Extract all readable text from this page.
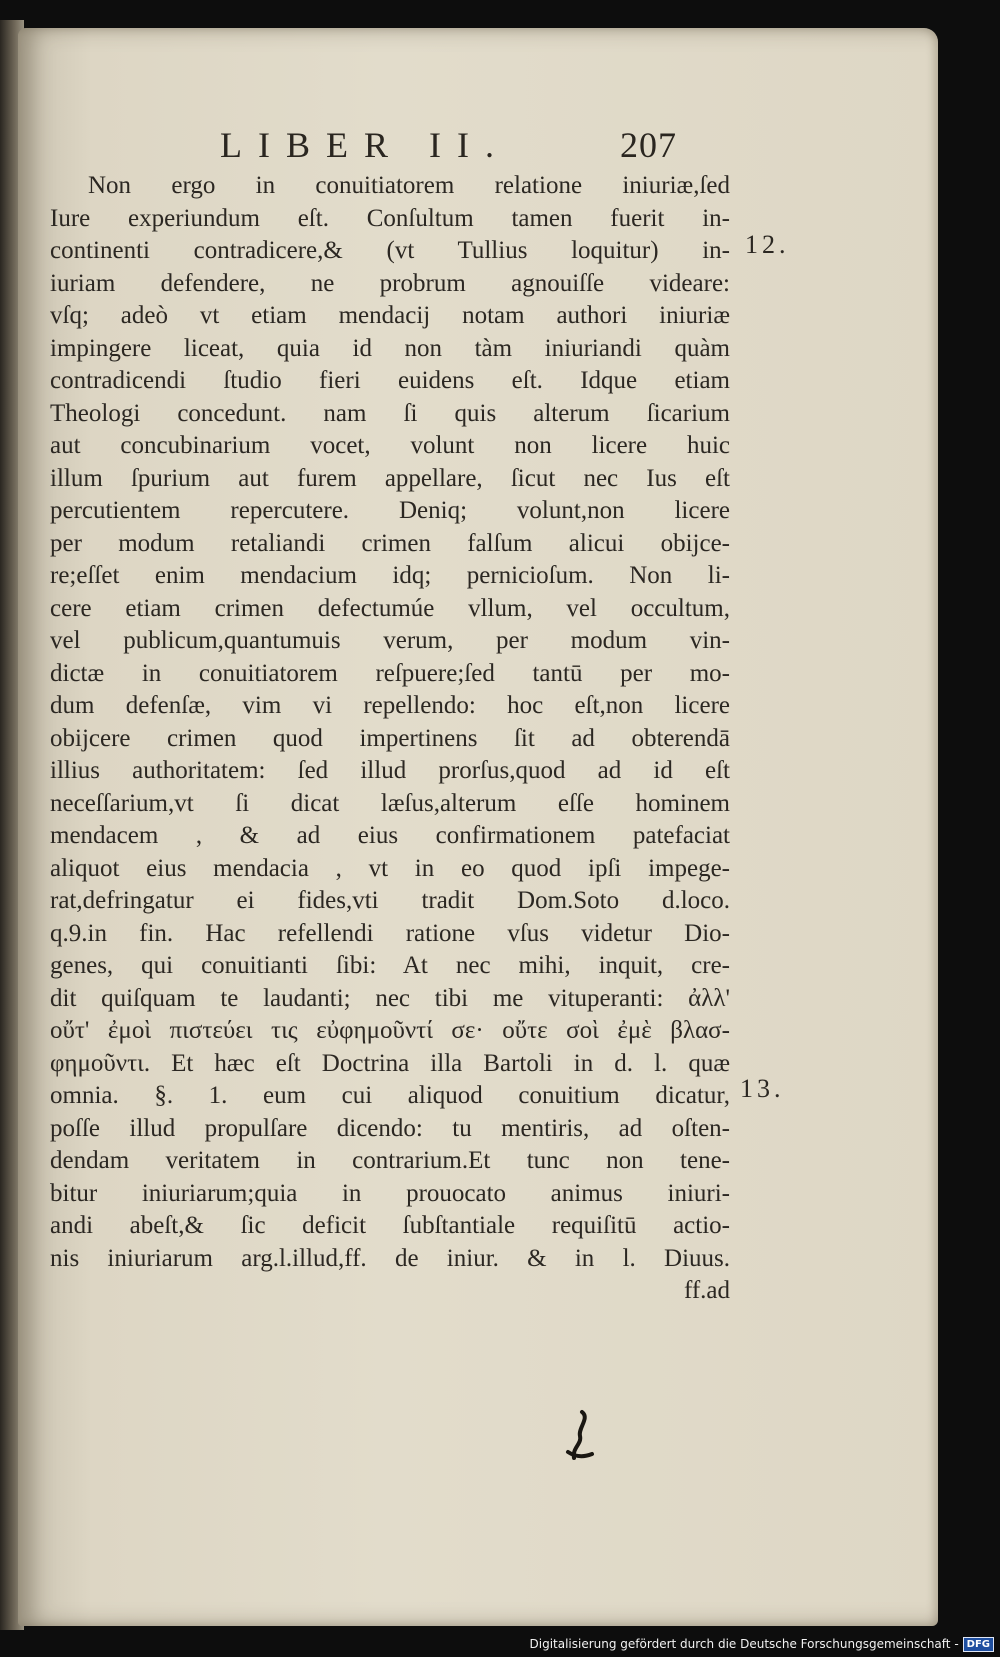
LIBER II.	207
Non ergo in conuitiatorem relatione iniuriæ,ſed
Iure experiundum eſt. Conſultum tamen fuerit in-
continenti contradicere,& (vt Tullius loquitur) in-
iuriam defendere, ne probrum agnouiſſe videare:
vſq; adeò vt etiam mendacij notam authori iniuriæ
impingere liceat, quia id non tàm iniuriandi quàm
contradicendi ſtudio fieri euidens eſt. Idque etiam
Theologi concedunt. nam ſi quis alterum ſicarium
aut concubinarium vocet, volunt non licere huic
illum ſpurium aut furem appellare, ſicut nec Ius eſt
percutientem repercutere. Deniq; volunt,non licere
per modum retaliandi crimen falſum alicui obijce-
re;eſſet enim mendacium idq; pernicioſum. Non li-
cere etiam crimen defectumúe vllum, vel occultum,
vel publicum,quantumuis verum, per modum vin-
dictæ in conuitiatorem reſpuere;ſed tantū per mo-
dum defenſæ, vim vi repellendo: hoc eſt,non licere
obijcere crimen quod impertinens ſit ad obterendā
illius authoritatem: ſed illud prorſus,quod ad id eſt
neceſſarium,vt ſi dicat læſus,alterum eſſe hominem
mendacem , & ad eius confirmationem patefaciat
aliquot eius mendacia , vt in eo quod ipſi impege-
rat,defringatur ei fides,vti tradit Dom.Soto d.loco.
q.9.in fin. Hac refellendi ratione vſus videtur Dio-
genes, qui conuitianti ſibi: At nec mihi, inquit, cre-
dit quiſquam te laudanti; nec tibi me vituperanti: ἀλλ'
οὔτ' ἐμοὶ πιστεύει τις εὐφημοῦντί σε· οὔτε σοὶ ἐμὲ βλασ-
φημοῦντι. Et hæc eſt Doctrina illa Bartoli in d. l. quæ
omnia. §. 1. eum cui aliquod conuitium dicatur,
poſſe illud propulſare dicendo: tu mentiris, ad oſten-
dendam veritatem in contrarium.Et tunc non tene-
bitur iniuriarum;quia in prouocato animus iniuri-
andi abeſt,& ſic deficit ſubſtantiale requiſitū actio-
nis iniuriarum arg.l.illud,ff. de iniur. & in l. Diuus.
ff.ad
12.
13.
Digitalisierung gefördert durch die Deutsche Forschungsgemeinschaft - DFG
